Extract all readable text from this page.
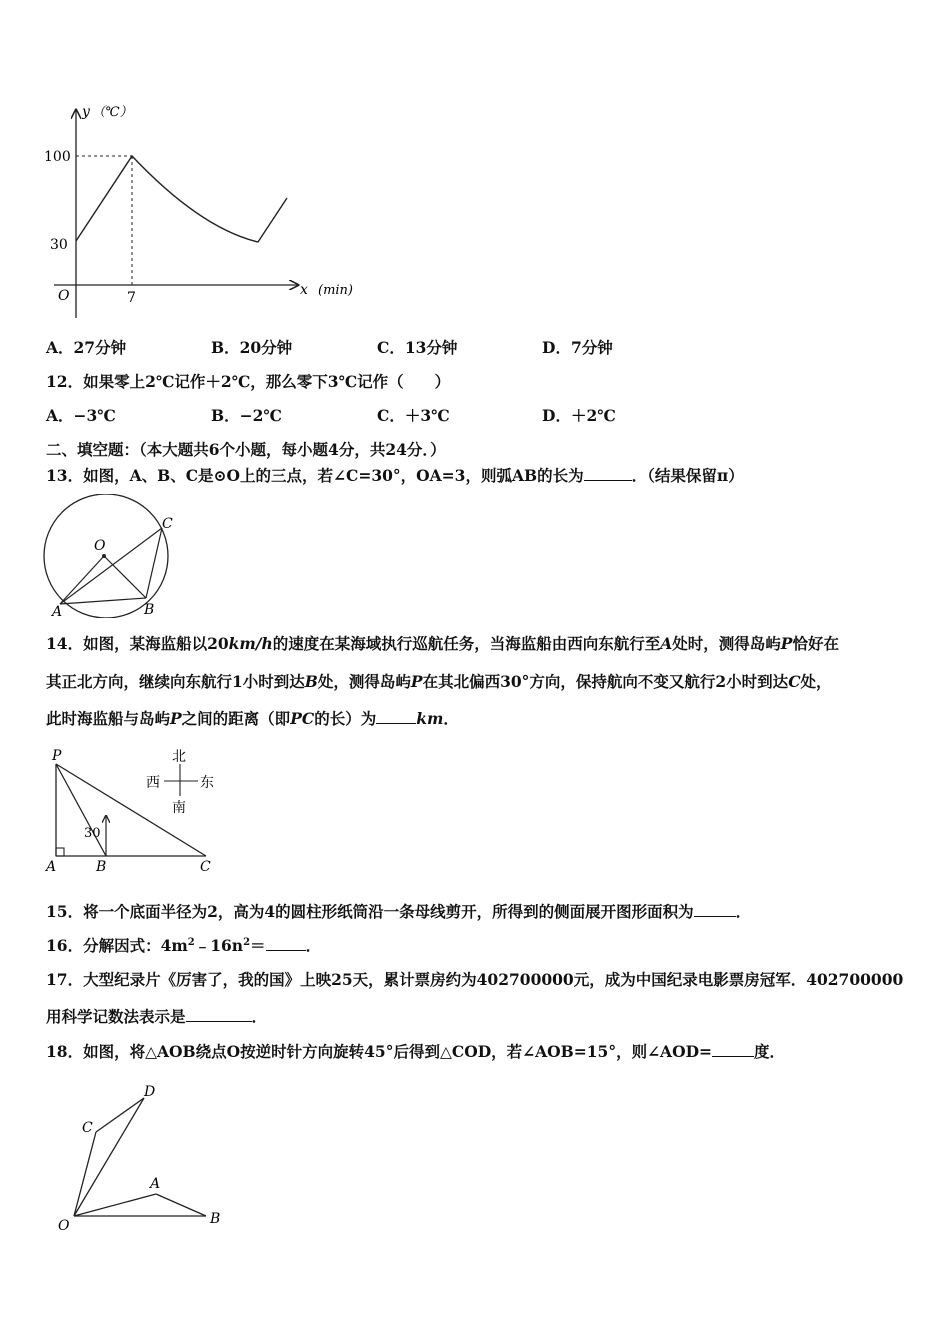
y （℃）
100
30
O	7	x (min)
A．27分钟	B．20分钟	C．13分钟	D．7分钟
12．如果零上2℃记作＋2℃，那么零下3℃记作（　　）
A．−3℃	B．−2℃	C．＋3℃	D．＋2℃
二、填空题：（本大题共6个小题，每小题4分，共24分．）
13．如图，A、B、C是⊙O上的三点，若∠C=30°，OA=3，则弧AB的长为	．（结果保留π）
O
A	B
C
14．如图，某海监船以20km/h的速度在某海域执行巡航任务，当海监船由西向东航行至A处时，测得岛屿P恰好在
其正北方向，继续向东航行1小时到达B处，测得岛屿P在其北偏西30°方向，保持航向不变又航行2小时到达C处，
此时海监船与岛屿P之间的距离（即PC的长）为	km．
P
A	B	C
30
北
南
西	东
15．将一个底面半径为2，高为4的圆柱形纸筒沿一条母线剪开，所得到的侧面展开图形面积为	．
16．分解因式：$4m^2﹣16n^2=$	．
17．大型纪录片《厉害了，我的国》上映25天，累计票房约为402700000元，成为中国纪录电影票房冠军．402700000
用科学记数法表示是	．
18．如图，将△AOB绕点O按逆时针方向旋转45°后得到△COD，若∠AOB=15°，则∠AOD=	度．
O
A
B
C
D
